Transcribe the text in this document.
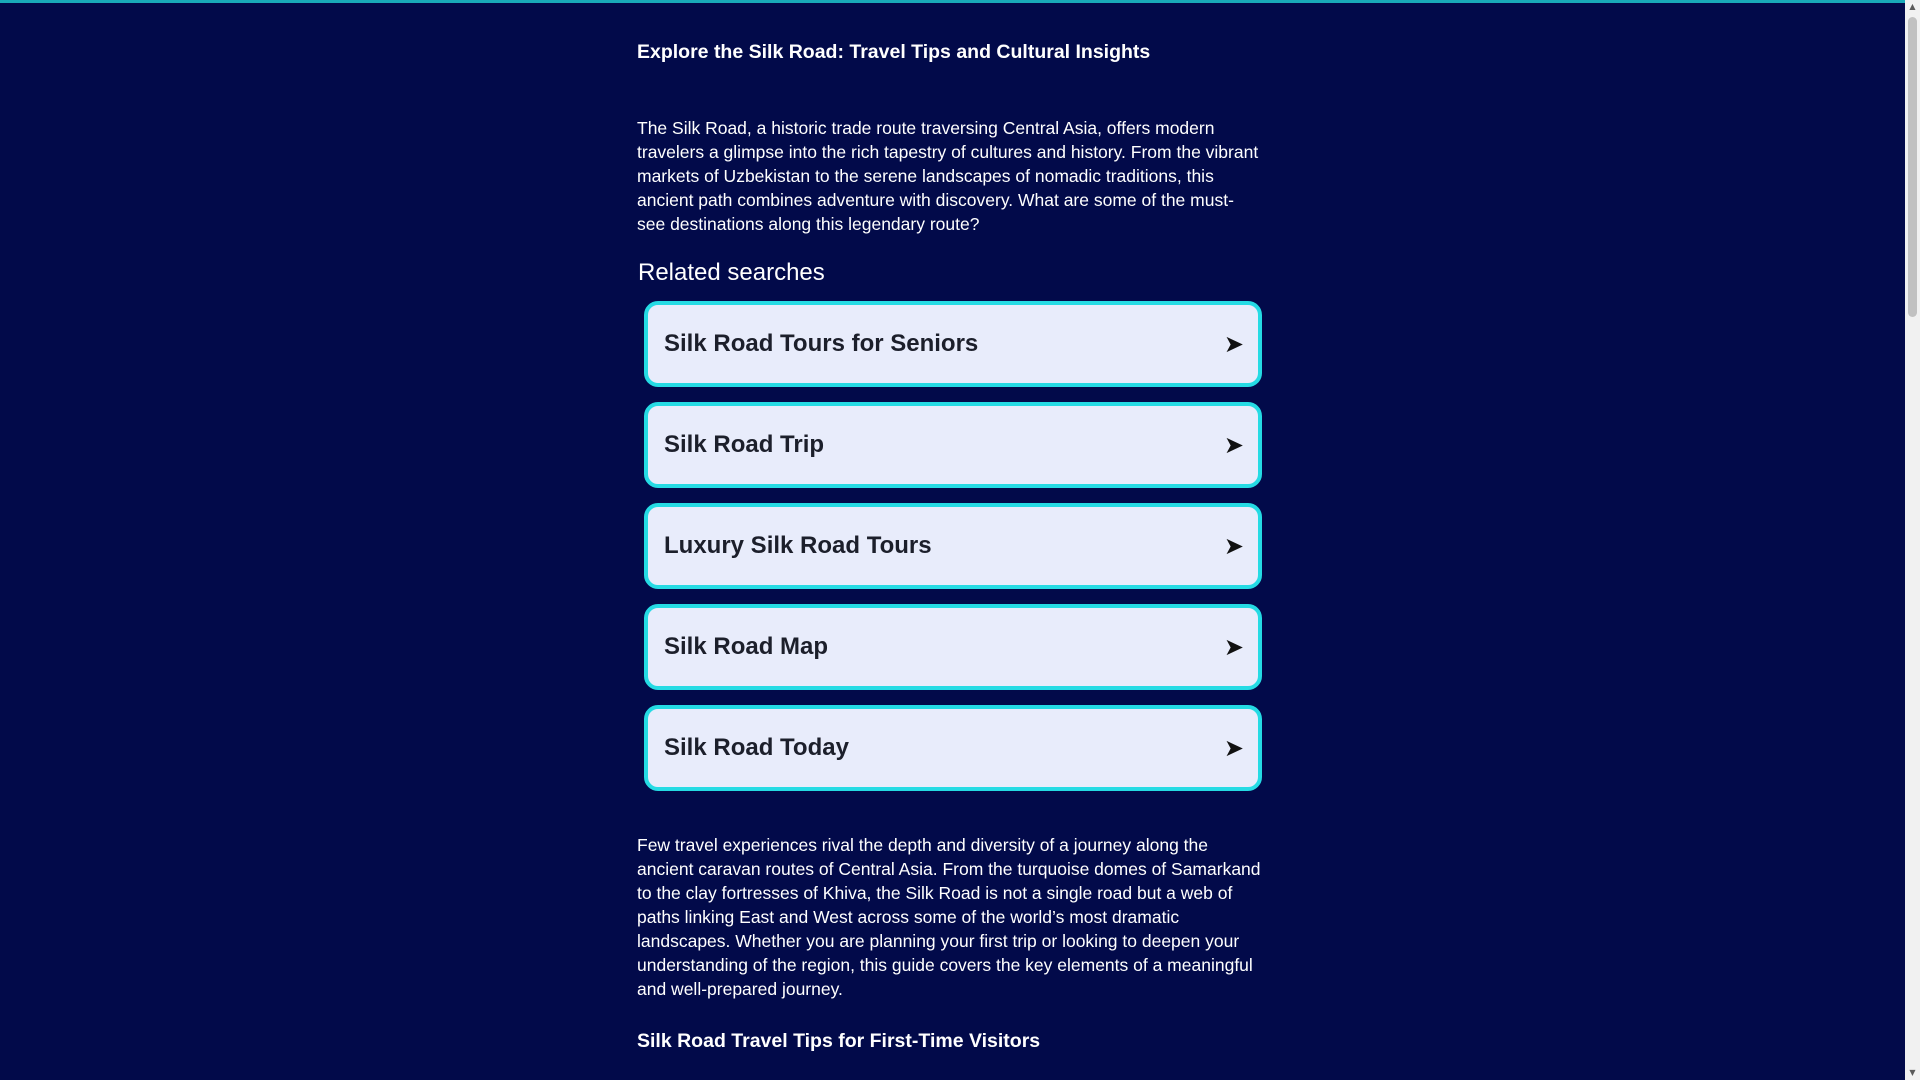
Explore the Silk Road: Travel Tips and Cultural Insights

The Silk Road, a historic trade route traversing Central Asia, offers modern travelers a glimpse into the rich tapestry of cultures and history. From the vibrant markets of Uzbekistan to the serene landscapes of nomadic traditions, this ancient path combines adventure with discovery. What are some of the must-see destinations along this legendary route?

Related searches
Silk Road Tours for Seniors	➤
Silk Road Trip	➤
Luxury Silk Road Tours	➤
Silk Road Map	➤
Silk Road Today	➤

Few travel experiences rival the depth and diversity of a journey along the ancient caravan routes of Central Asia. From the turquoise domes of Samarkand to the clay fortresses of Khiva, the Silk Road is not a single road but a web of paths linking East and West across some of the world’s most dramatic landscapes. Whether you are planning your first trip or looking to deepen your understanding of the region, this guide covers the key elements of a meaningful and well-prepared journey.

Silk Road Travel Tips for First-Time Visitors
▲
▼
